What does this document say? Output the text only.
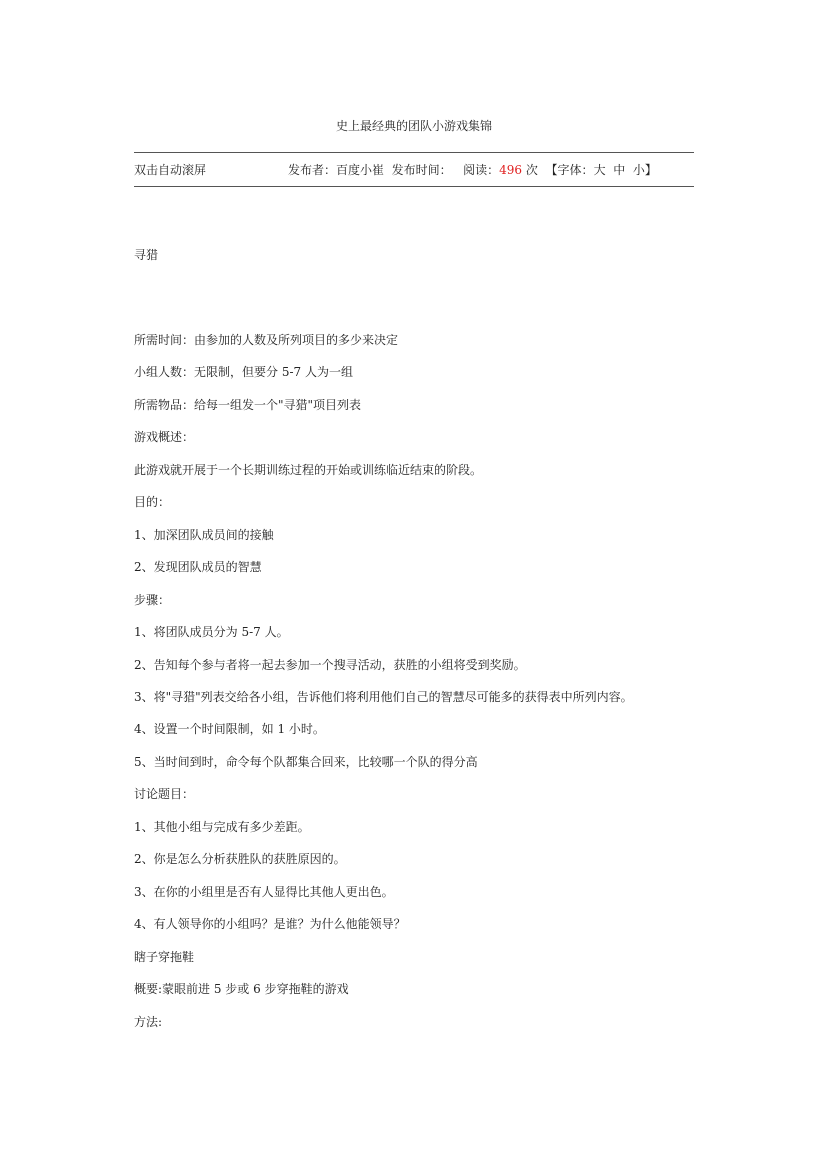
史上最经典的团队小游戏集锦
双击自动滚屏	发布者：百度小崔 发布时间： 阅读：496 次 【字体：大 中 小】
寻猎
所需时间：由参加的人数及所列项目的多少来决定
小组人数：无限制，但要分 5-7 人为一组
所需物品：给每一组发一个"寻猎"项目列表
游戏概述：
此游戏就开展于一个长期训练过程的开始或训练临近结束的阶段。
目的：
1、加深团队成员间的接触
2、发现团队成员的智慧
步骤：
1、将团队成员分为 5-7 人。
2、告知每个参与者将一起去参加一个搜寻活动，获胜的小组将受到奖励。
3、将"寻猎"列表交给各小组，告诉他们将利用他们自己的智慧尽可能多的获得表中所列内容。
4、设置一个时间限制，如 1 小时。
5、当时间到时，命令每个队都集合回来，比较哪一个队的得分高
讨论题目：
1、其他小组与完成有多少差距。
2、你是怎么分析获胜队的获胜原因的。
3、在你的小组里是否有人显得比其他人更出色。
4、有人领导你的小组吗？是谁？为什么他能领导？
瞎子穿拖鞋
概要:蒙眼前进 5 步或 6 步穿拖鞋的游戏
方法:
